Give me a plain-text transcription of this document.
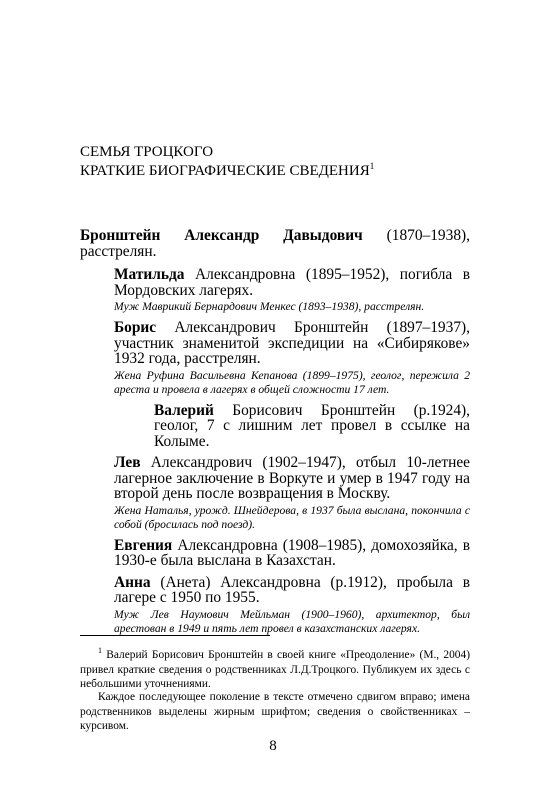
СЕМЬЯ ТРОЦКОГО
КРАТКИЕ БИОГРАФИЧЕСКИЕ СВЕДЕНИЯ$^1$
Бронштейн Александр Давыдович (1870–1938), расстрелян.
Матильда Александровна (1895–1952), погибла в Мордовских лагерях.
Муж Маврикий Бернардович Менкес (1893–1938), расстрелян.
Борис Александрович Бронштейн (1897–1937), участник знаменитой экспедиции на «Сибирякове» 1932 года, расстрелян.
Жена Руфина Васильевна Кепанова (1899–1975), геолог, пережила 2 ареста и провела в лагерях в общей сложности 17 лет.
Валерий Борисович Бронштейн (р.1924), геолог, 7 с лишним лет провел в ссылке на Колыме.
Лев Александрович (1902–1947), отбыл 10-летнее лагерное заключение в Воркуте и умер в 1947 году на второй день после возвращения в Москву.
Жена Наталья, урожд. Шнейдерова, в 1937 была выслана, покончила с собой (бросилась под поезд).
Евгения Александровна (1908–1985), домохозяйка, в 1930-е была выслана в Казахстан.
Анна (Анета) Александровна (р.1912), пробыла в лагере с 1950 по 1955.
Муж Лев Наумович Мейльман (1900–1960), архитектор, был арестован в 1949 и пять лет провел в казахстанских лагерях.
$^1$ Валерий Борисович Бронштейн в своей книге «Преодоление» (М., 2004) привел краткие сведения о родственниках Л.Д.Троцкого. Публикуем их здесь с небольшими уточнениями.
Каждое последующее поколение в тексте отмечено сдвигом вправо; имена родственников выделены жирным шрифтом; сведения о свойственниках – курсивом.
8
